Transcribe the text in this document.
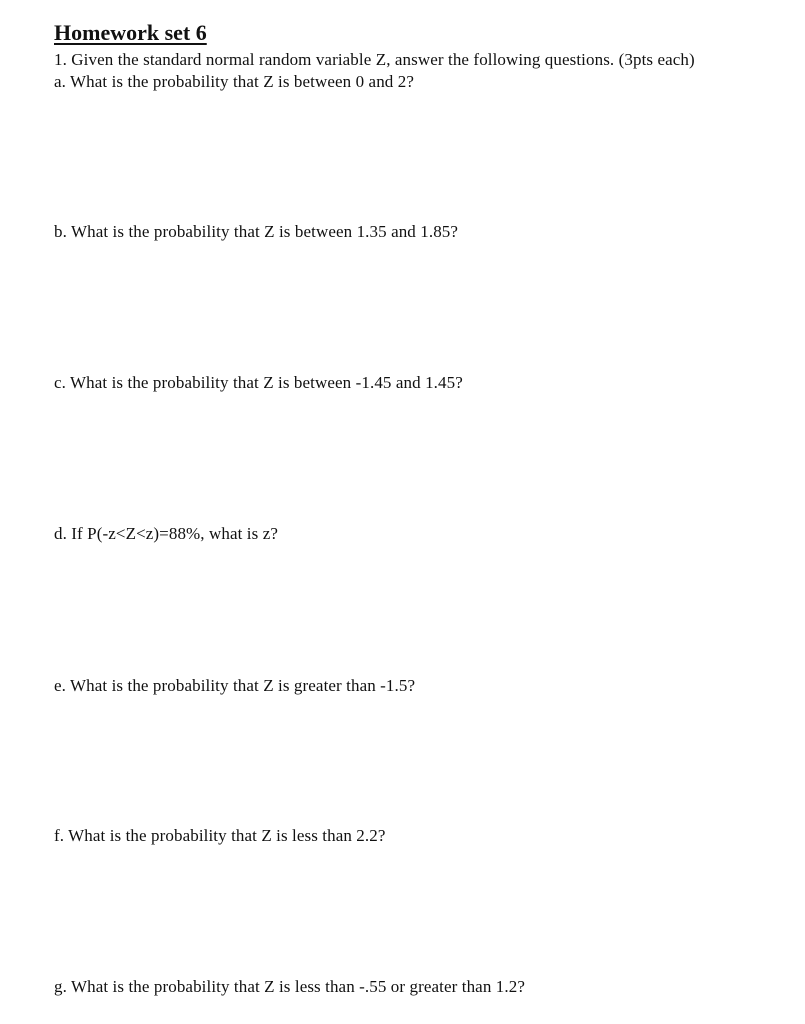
Homework set 6
1. Given the standard normal random variable Z, answer the following questions. (3pts each)
a. What is the probability that Z is between 0 and 2?
b. What is the probability that Z is between 1.35 and 1.85?
c. What is the probability that Z is between -1.45 and 1.45?
d. If P(-z<Z<z)=88%, what is z?
e. What is the probability that Z is greater than -1.5?
f. What is the probability that Z is less than 2.2?
g. What is the probability that Z is less than -.55 or greater than 1.2?
